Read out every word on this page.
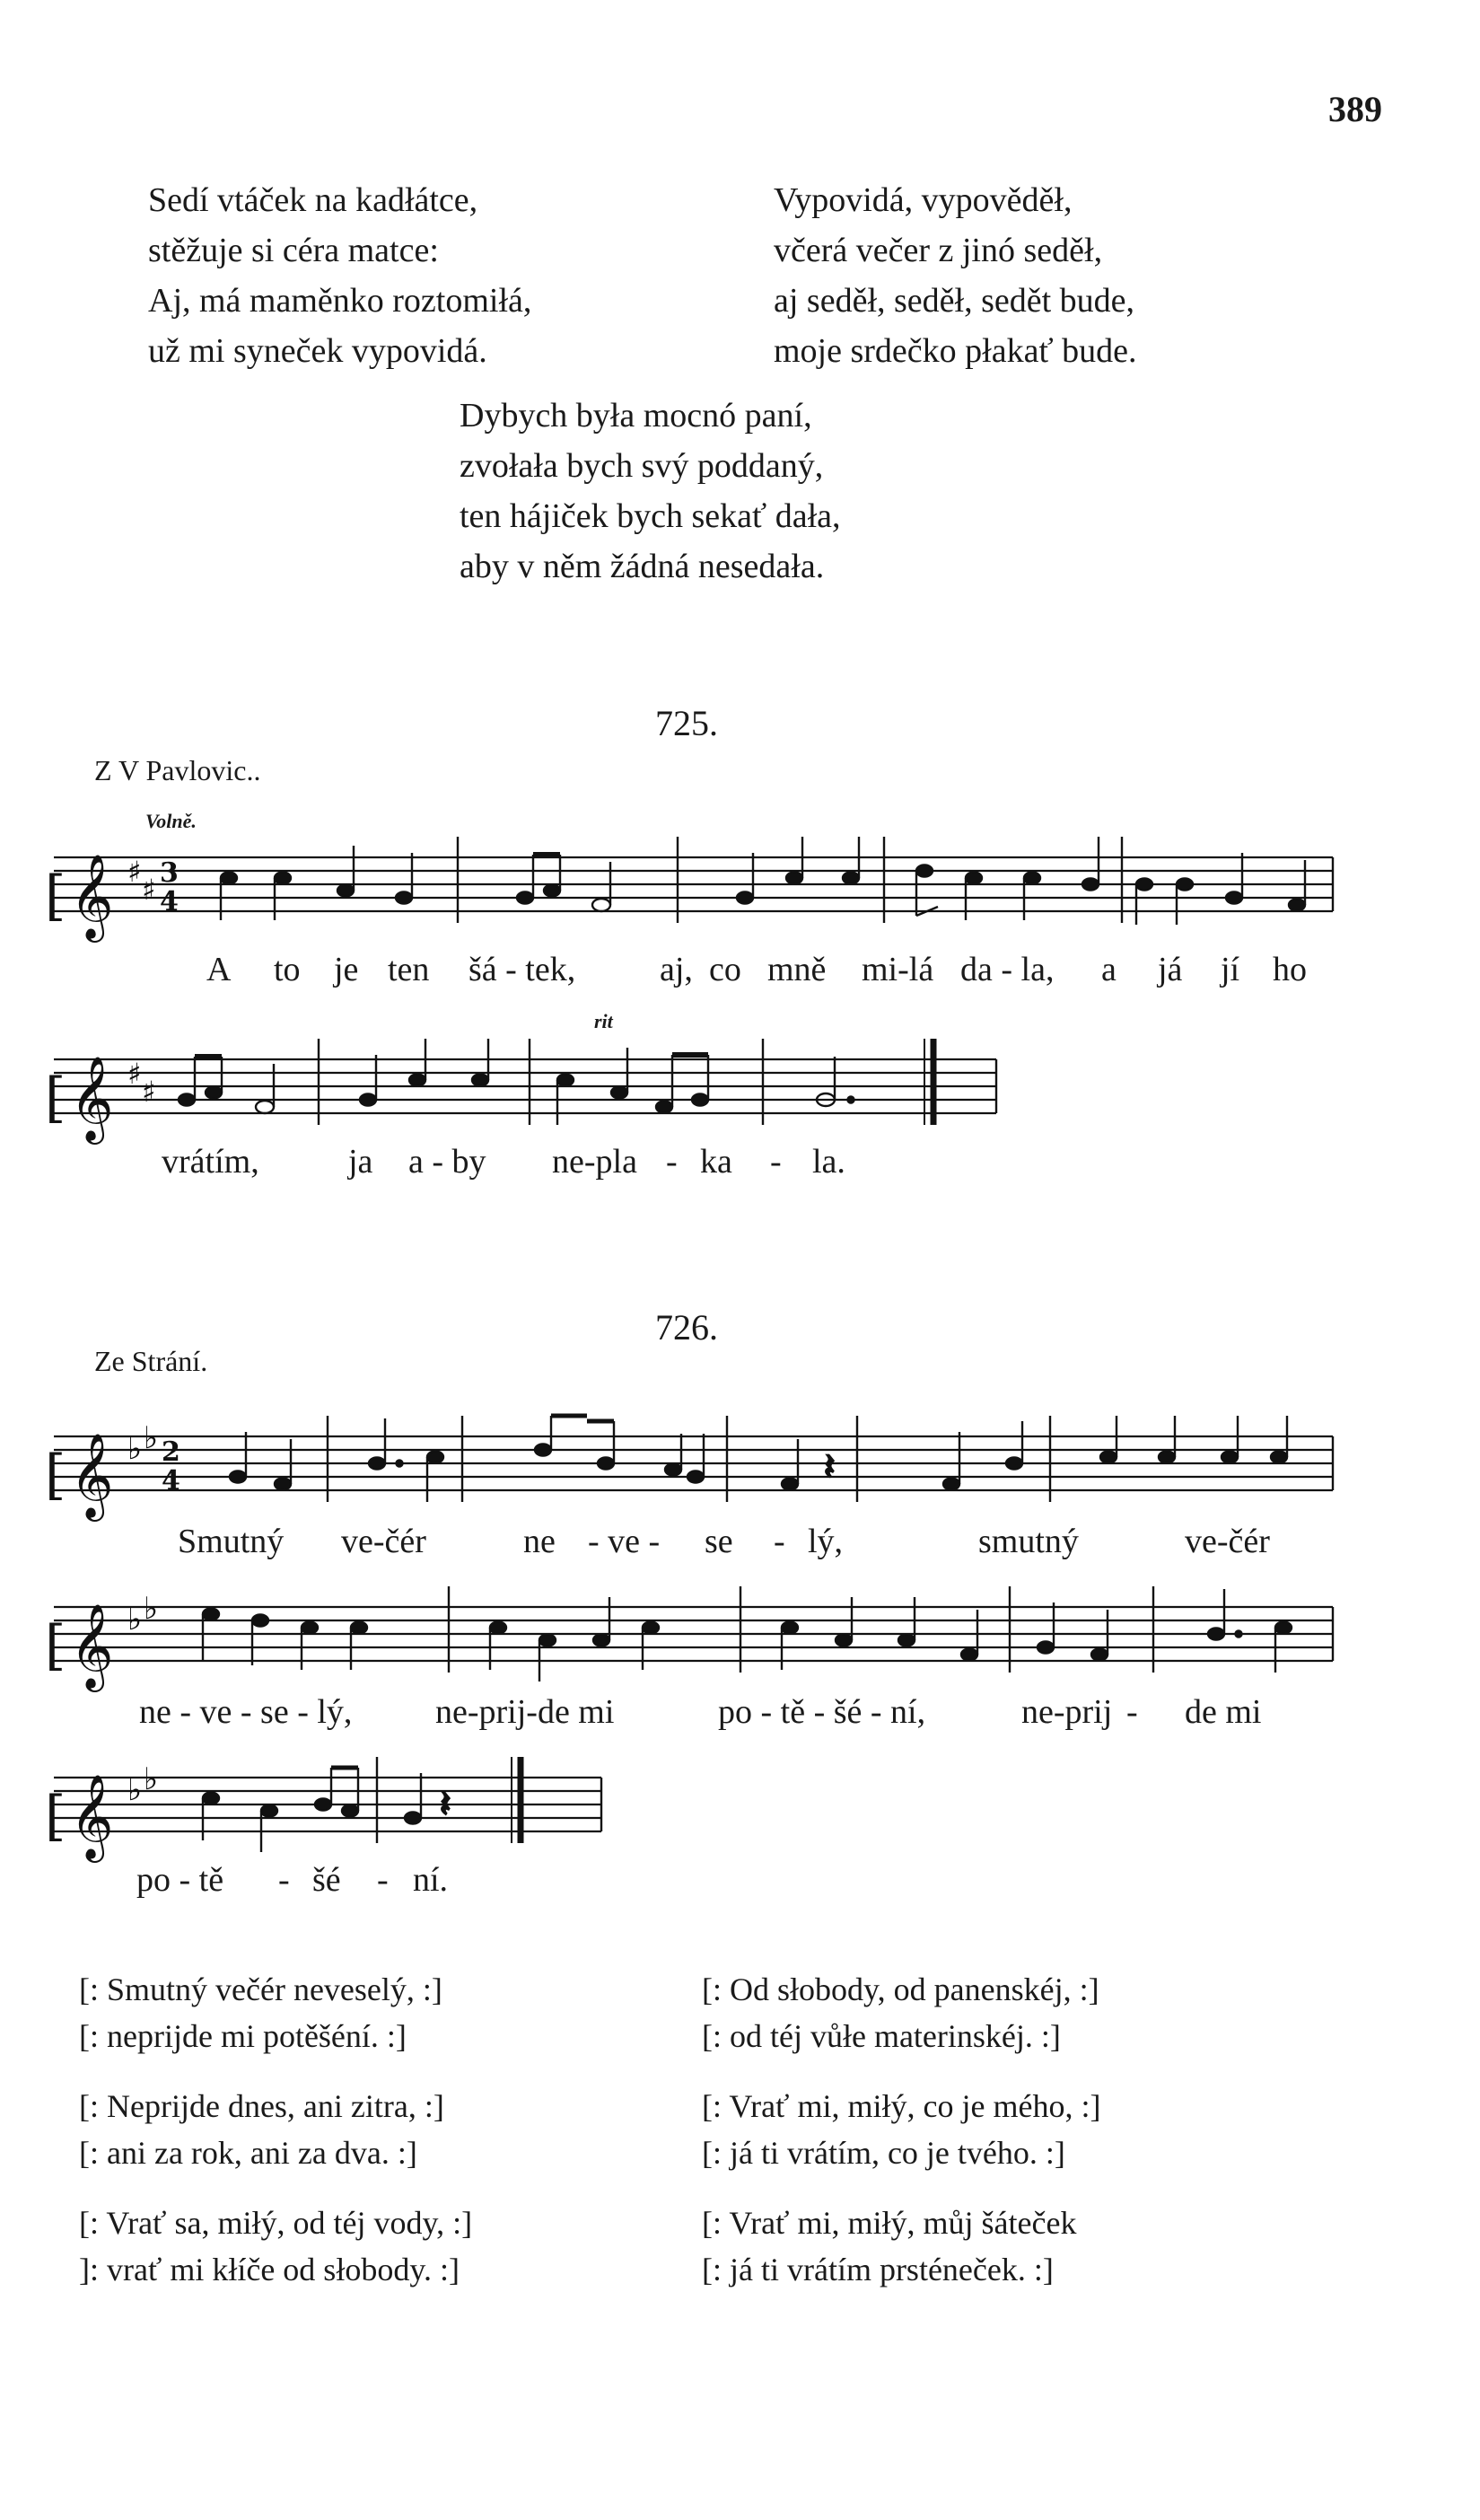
389
Sedí vtáček na kadłátce,
stěžuje si céra matce:
Aj, má maměnko roztomiłá,
už mi syneček vypovidá.
Vypovidá, vypověděł,
včerá večer z jinó seděł,
aj seděł, seděł, sedět bude,
moje srdečko płakať bude.
Dybych była mocnó paní,
zvołała bych svý poddaný,
ten hájiček bych sekať dała,
aby v něm žádná nesedała.
725.
Z V Pavlovic..
Volně.
[ 𝄞 ♯
♯ 3
4
A to je ten šá - tek, aj, co mně mi-lá da - la, a já jí ho
rit
[ 𝄞 ♯
♯
vrátím,	ja a - by ne-pla - ka - la.
726.
Ze Strání.
[ 𝄞 ♭ ♭ 2
4	𝄽
Smutný ve-čér	ne - ve - se - lý,	smutný	ve-čér
[ 𝄞 ♭ ♭
ne - ve - se - lý, ne-prij-de mi	po - tě - šé - ní,	ne-prij - de mi
[ 𝄞 ♭ ♭
𝄽
po - tě - šé - ní.
[: Smutný večér neveselý, :]
[: neprijde mi potěšéní. :]
[: Neprijde dnes, ani zitra, :]
[: ani za rok, ani za dva. :]
[: Vrať sa, miłý, od téj vody, :]
]: vrať mi kłíče od słobody. :]
[: Od słobody, od panenskéj, :]
[: od téj vůłe materinskéj. :]
[: Vrať mi, miłý, co je mého, :]
[: já ti vrátím, co je tvého. :]
[: Vrať mi, miłý, můj šáteček
[: já ti vrátím prsténeček. :]
